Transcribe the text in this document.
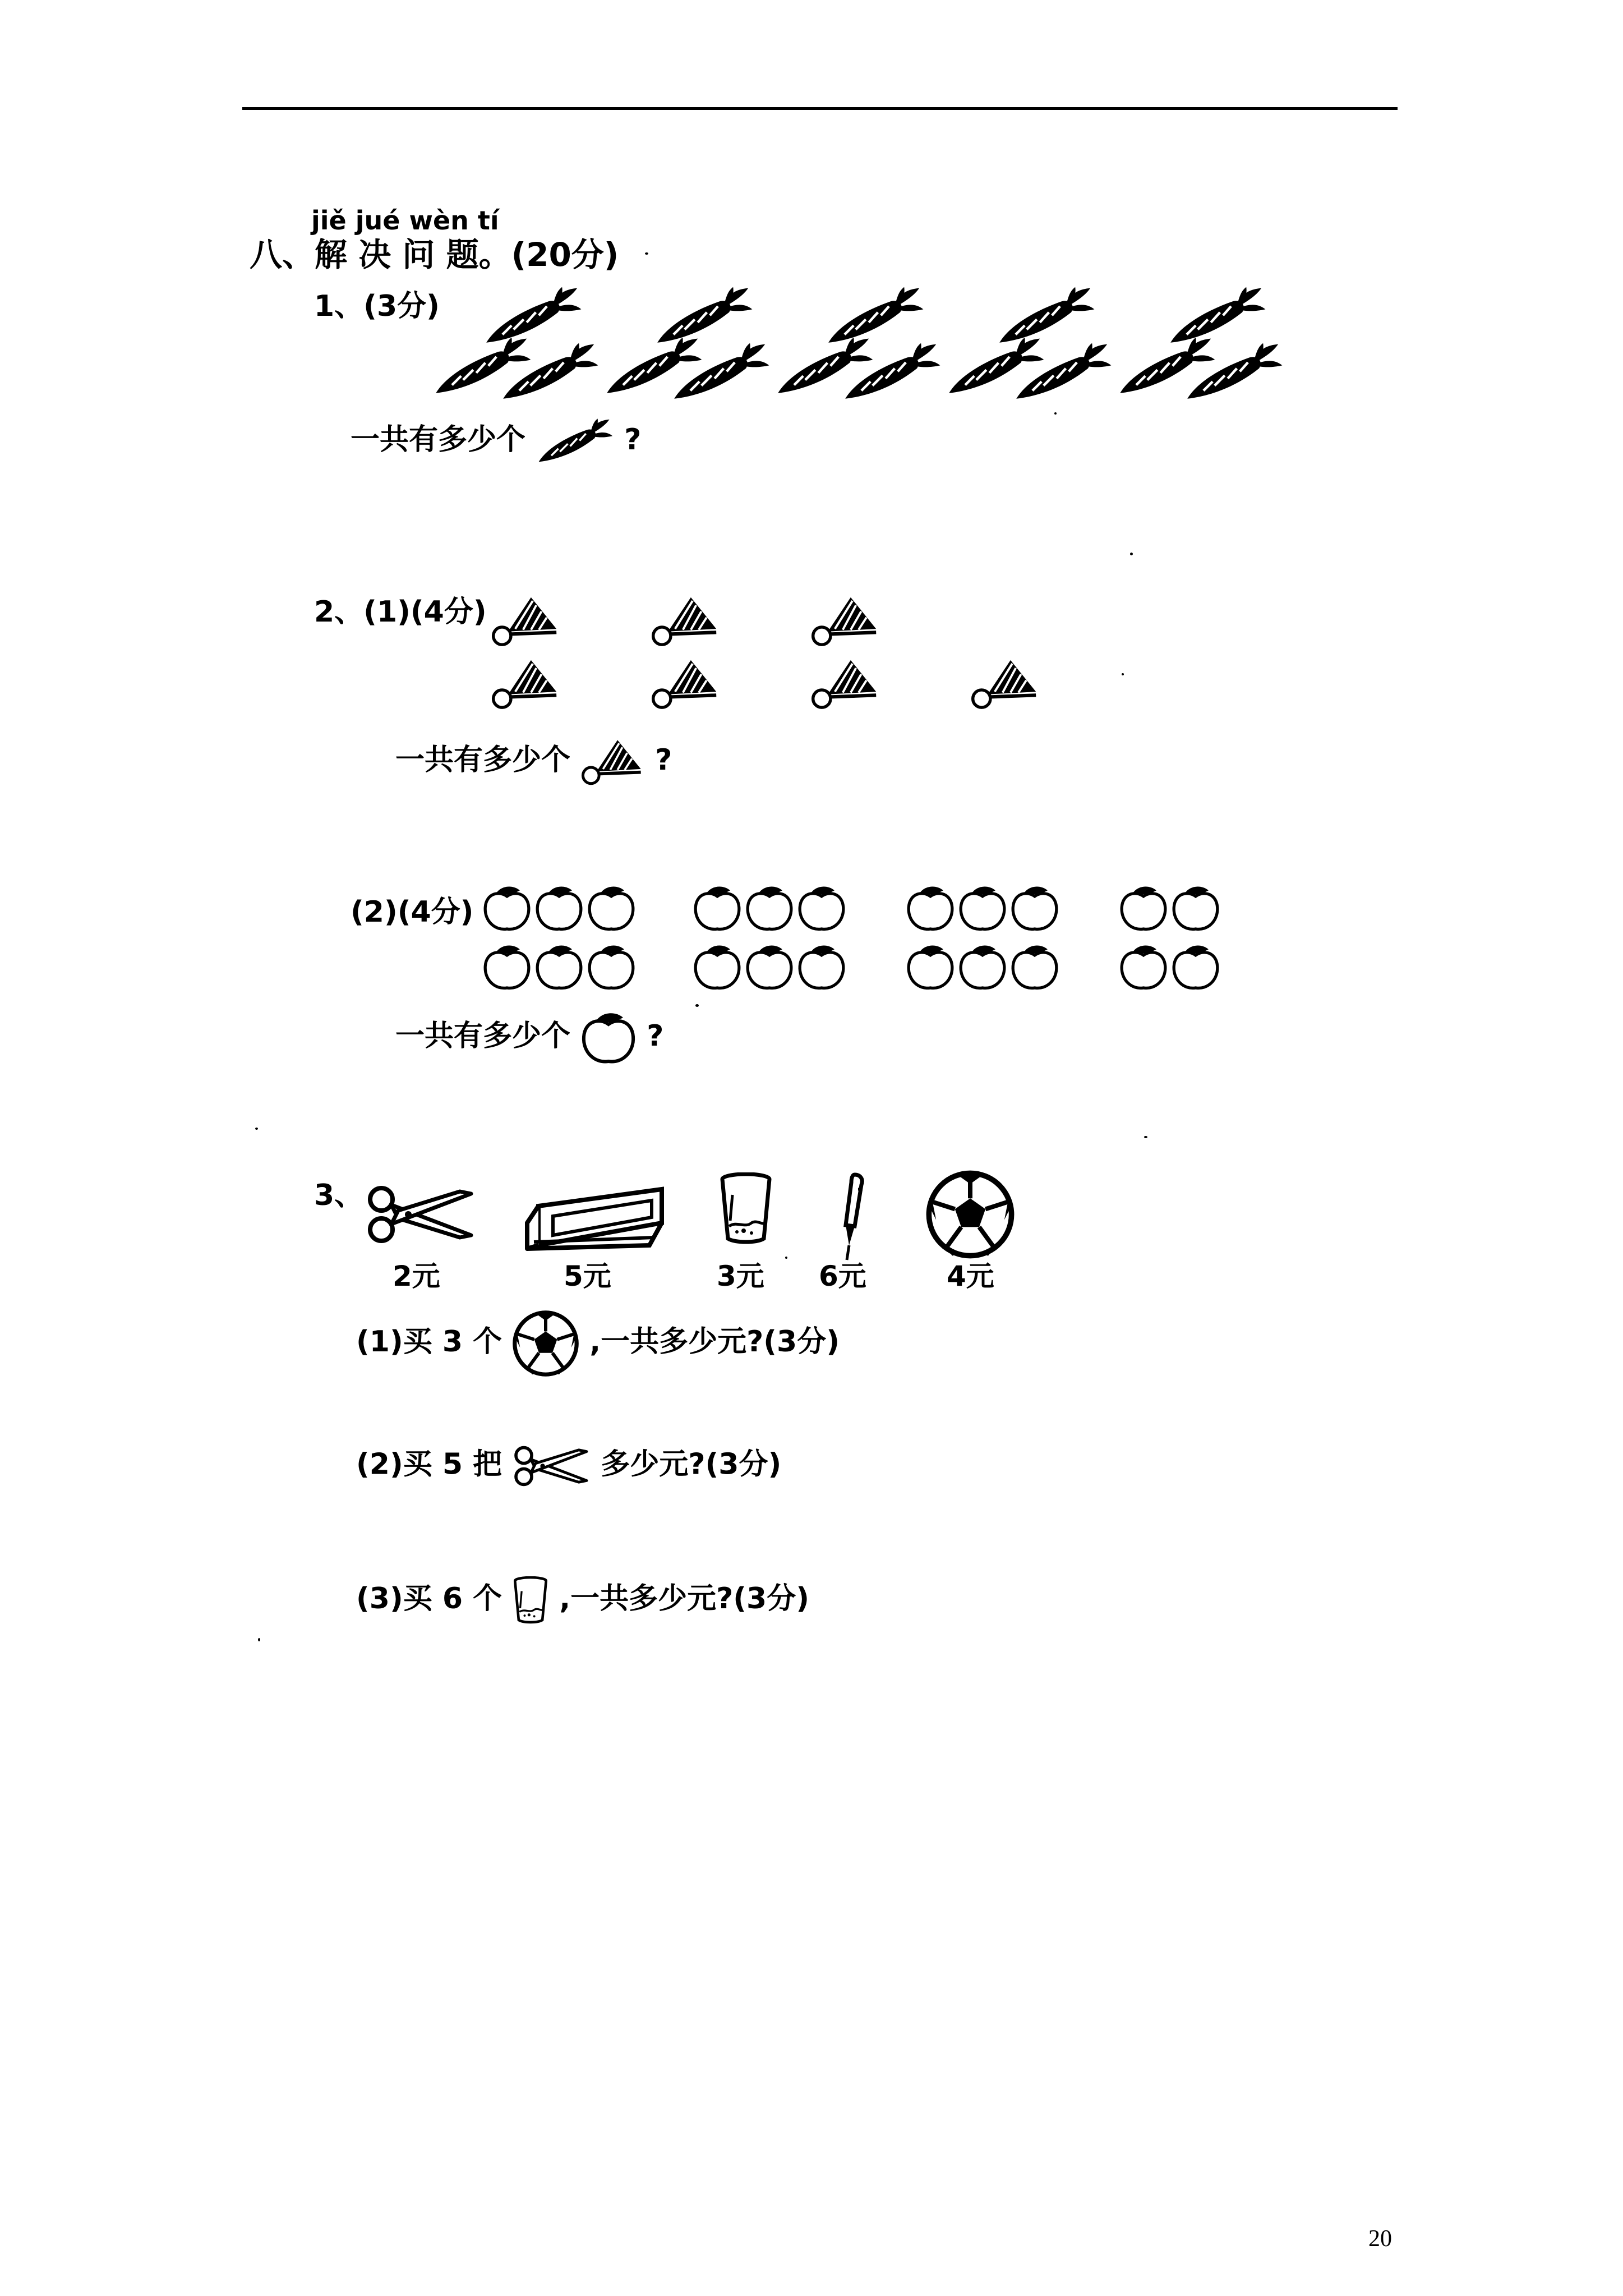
jiě jué wèn tí
八、解 决 问 题。(20分)
1、(3分)
一共有多少个	?
2、(1)(4分)
一共有多少个	?
(2)(4分)
一共有多少个	?
3、
2元	5元	3元 6元	4元
(1)买 3 个	,一共多少元?(3分)
(2)买 5 把	多少元?(3分)
(3)买 6 个 ,一共多少元?(3分)
20
